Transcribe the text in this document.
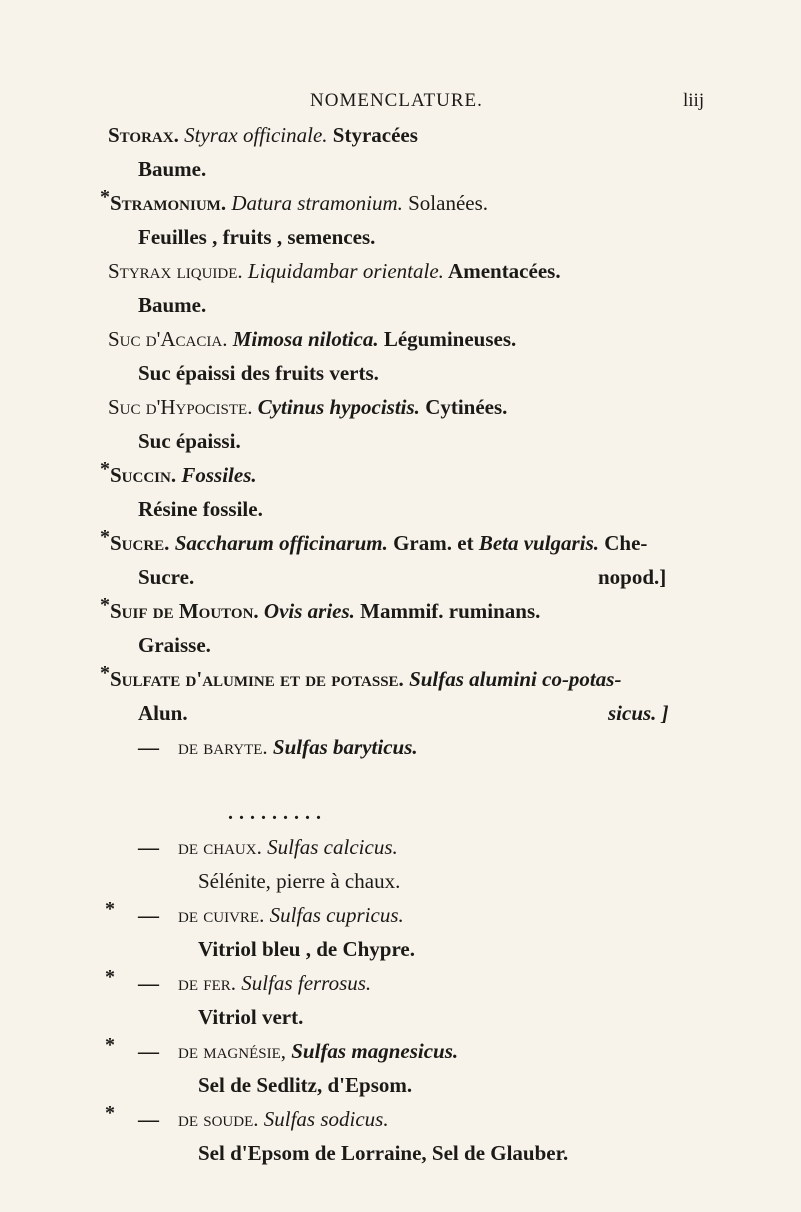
NOMENCLATURE.	liij
Storax. Styrax officinale. Styracées
Baume.
* Stramonium. Datura stramonium. Solanées.
Feuilles , fruits , semences.
Styrax liquide. Liquidambar orientale. Amentacées.
Baume.
Suc d'Acacia. Mimosa nilotica. Légumineuses.
Suc épaissi des fruits verts.
Suc d'Hypociste. Cytinus hypocistis. Cytinées.
Suc épaissi.
* Succin. Fossiles.
Résine fossile.
* Sucre. Saccharum officinarum. Gram. et Beta vulgaris. Che-
Sucre.	nopod.]
* Suif de Mouton. Ovis aries. Mammif. ruminans.
Graisse.
* Sulfate d'alumine et de potasse. Sulfas alumini co-potas-
Alun.	sicus. ]
— de baryte. Sulfas baryticus.
.........
— de chaux. Sulfas calcicus.
Sélénite, pierre à chaux.
* — de cuivre. Sulfas cupricus.
Vitriol bleu , de Chypre.
* — de fer. Sulfas ferrosus.
Vitriol vert.
* — de magnésie, Sulfas magnesicus.
Sel de Sedlitz, d'Epsom.
* — de soude. Sulfas sodicus.
Sel d'Epsom de Lorraine, Sel de Glauber.
